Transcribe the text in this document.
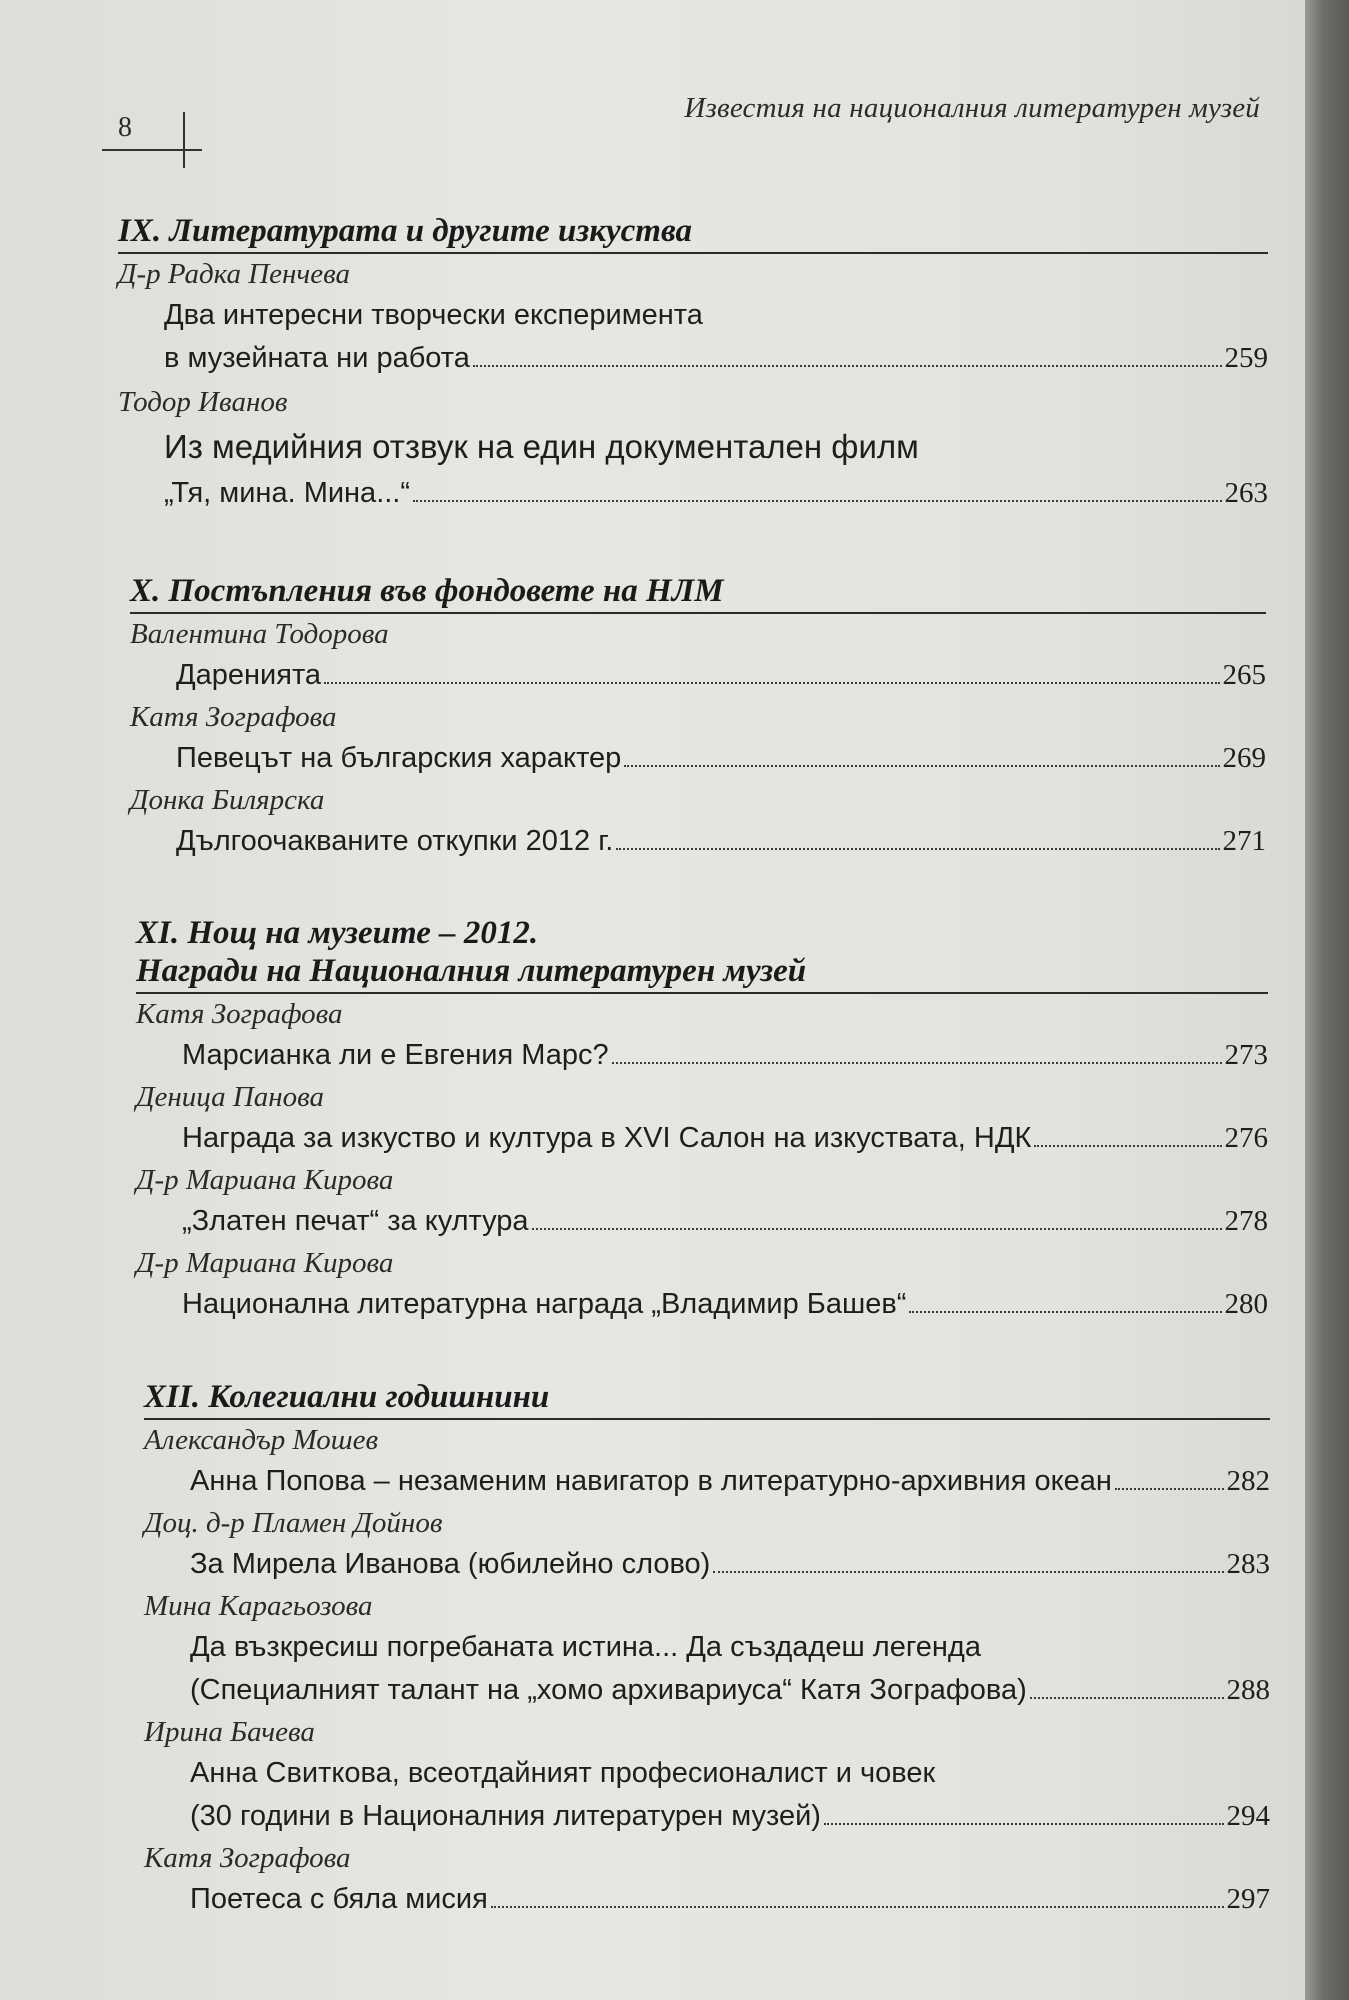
Известия на националния литературен музей
8
IX. Литературата и другите изкуства
Д-р Радка Пенчева
Два интересни творчески експеримента
в музейната ни работа	259
Тодор Иванов
Из медийния отзвук на един документален филм
„Тя, мина. Мина...“	263
X. Постъпления във фондовете на НЛМ
Валентина Тодорова
Даренията	265
Катя Зографова
Певецът на българския характер	269
Донка Билярска
Дългоочакваните откупки 2012 г.	271
XI. Нощ на музеите – 2012.
Награди на Националния литературен музей
Катя Зографова
Марсианка ли е Евгения Марс?	273
Деница Панова
Награда за изкуство и култура в XVI Салон на изкуствата, НДК	276
Д-р Мариана Кирова
„Златен печат“ за култура	278
Д-р Мариана Кирова
Национална литературна награда „Владимир Башев“	280
XII. Колегиални годишнини
Александър Мошев
Анна Попова – незаменим навигатор в литературно-архивния океан	282
Доц. д-р Пламен Дойнов
За Мирела Иванова (юбилейно слово)	283
Мина Карагьозова
Да възкресиш погребаната истина... Да създадеш легенда
(Специалният талант на „хомо архивариуса“ Катя Зографова)	288
Ирина Бачева
Анна Свиткова, всеотдайният професионалист и човек
(30 години в Националния литературен музей)	294
Катя Зографова
Поетеса с бяла мисия	297
